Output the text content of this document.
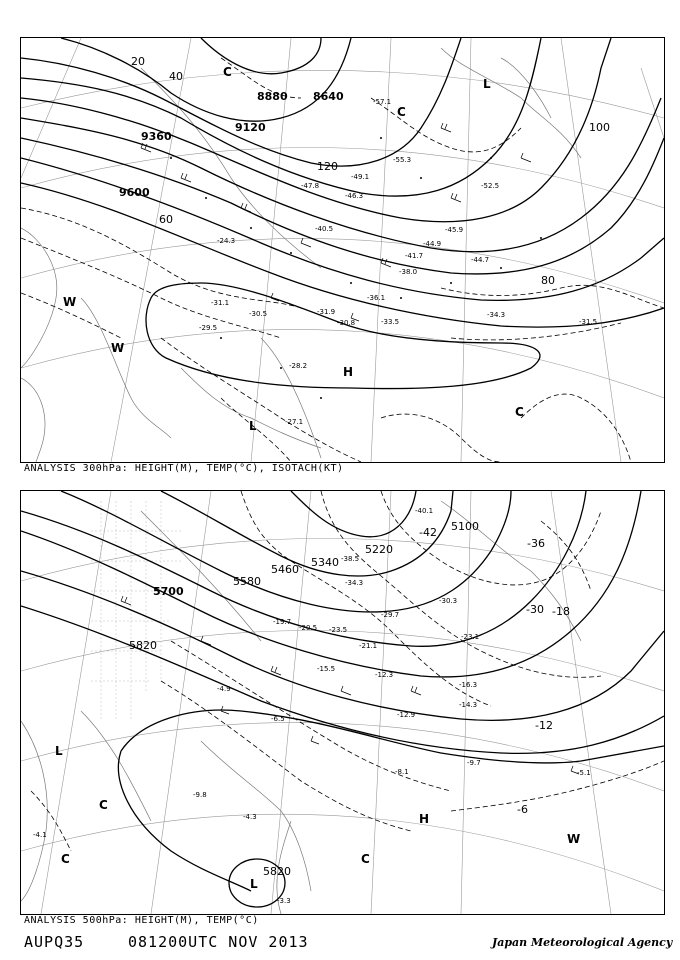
8880 8640
9120
9360
9600
20
40
60
80
100
120
-57.1
-55.3
-52.5
-49.1
-47.8
-46.3
-45.9
-44.9
-44.7
-41.7
-40.5
-38.0
-36.1
-34.3
-33.5
-31.9
-31.5
-31.1
-30.8
-30.5
-29.5
-28.2
-27.1
-24.3
C
C
C
L
L
H
W
W
ANALYSIS 300hPa: HEIGHT(M), TEMP(°C), ISOTACH(KT)
5700
5580
5460
5340
5220
5100
5820
5820
-42
-36
-30 -18
-12
-6
-40.1
-38.5
-34.3
-30.3
-29.7
-23.5
-23.1
-21.1
-20.5
-19.7
-16.3
-15.5
-14.3
-12.9
-12.3
-9.7
-9.8
-8.1
-6.5
-5.1
-4.9
-4.3
-4.1
-3.3
L
L
C
C	C
H
W
ANALYSIS 500hPa: HEIGHT(M), TEMP(°C)
AUPQ35	081200UTC NOV 2013	Japan Meteorological Agency
